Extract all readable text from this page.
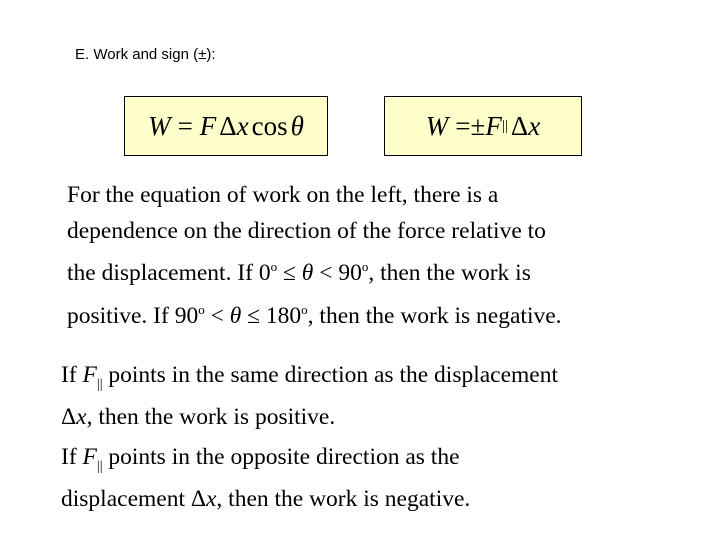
E. Work and sign (±):
W = F Δ x cos θ	W = ± F || Δ x
For the equation of work on the left, there is a
dependence on the direction of the force relative to
the displacement. If $0^o \le \theta < 90^o$, then the work is
positive. If $90^o < \theta \le 180^o$, then the work is negative.
If $F_{||}$ points in the same direction as the displacement
Δx, then the work is positive.
If $F_{||}$ points in the opposite direction as the
displacement Δx, then the work is negative.
